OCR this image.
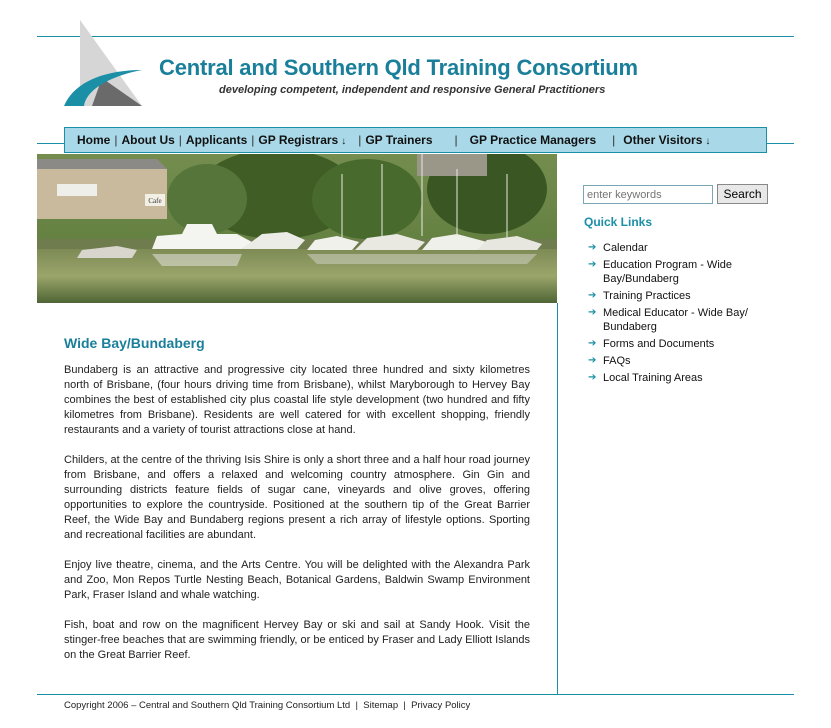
Central and Southern Qld Training Consortium

developing competent, independent and responsive General Practitioners

Home | About Us | Applicants | GP Registrars ↓	| GP Trainers	|	GP Practice Managers	| Other Visitors ↓
Cafe
enter keywords	Search
Quick Links
➔ Calendar
➔ Education Program - Wide Bay/Bundaberg
➔ Training Practices
➔ Medical Educator - Wide Bay/ Bundaberg
➔ Forms and Documents
➔ FAQs
➔ Local Training Areas
Wide Bay/Bundaberg

Bundaberg is an attractive and progressive city located three hundred and sixty kilometres north of Brisbane, (four hours driving time from Brisbane), whilst Maryborough to Hervey Bay combines the best of established city plus coastal life style development (two hundred and fifty kilometres from Brisbane). Residents are well catered for with excellent shopping, friendly restaurants and a variety of tourist attractions close at hand.

Childers, at the centre of the thriving Isis Shire is only a short three and a half hour road journey from Brisbane, and offers a relaxed and welcoming country atmosphere. Gin Gin and surrounding districts feature fields of sugar cane, vineyards and olive groves, offering opportunities to explore the countryside. Positioned at the southern tip of the Great Barrier Reef, the Wide Bay and Bundaberg regions present a rich array of lifestyle options. Sporting and recreational facilities are abundant.

Enjoy live theatre, cinema, and the Arts Centre. You will be delighted with the Alexandra Park and Zoo, Mon Repos Turtle Nesting Beach, Botanical Gardens, Baldwin Swamp Environment Park, Fraser Island and whale watching.

Fish, boat and row on the magnificent Hervey Bay or ski and sail at Sandy Hook. Visit the stinger-free beaches that are swimming friendly, or be enticed by Fraser and Lady Elliott Islands on the Great Barrier Reef.

Copyright 2006 – Central and Southern Qld Training Consortium Ltd | Sitemap | Privacy Policy
